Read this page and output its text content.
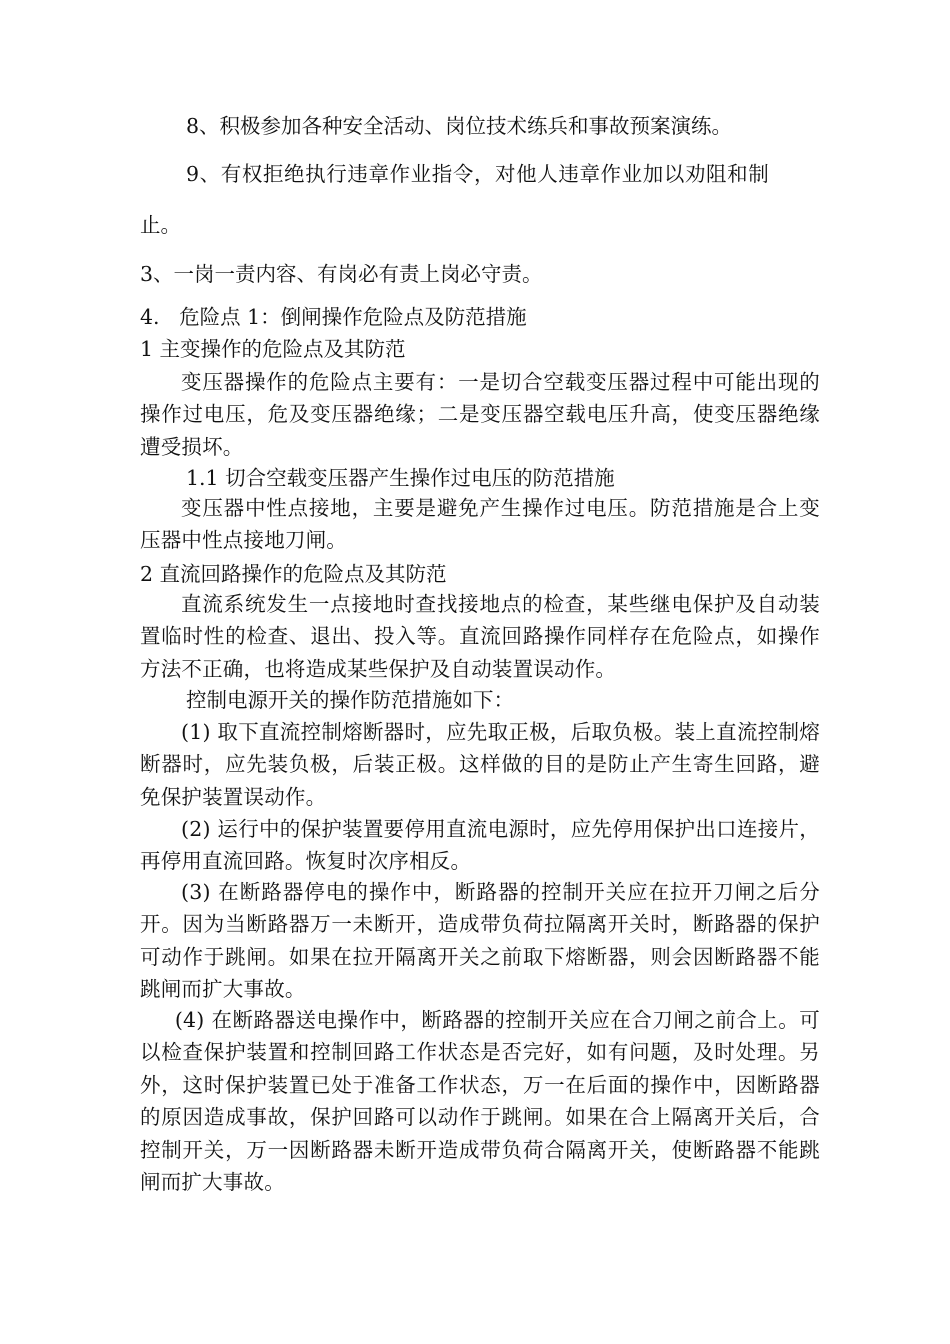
8、积极参加各种安全活动、岗位技术练兵和事故预案演练。
9、有权拒绝执行违章作业指令，对他人违章作业加以劝阻和制
止。
3、一岗一责内容、有岗必有责上岗必守责。
4.   危险点 1：倒闸操作危险点及防范措施
1 主变操作的危险点及其防范
变压器操作的危险点主要有：一是切合空载变压器过程中可能出现的操作过电压，危及变压器绝缘；二是变压器空载电压升高，使变压器绝缘遭受损坏。
1.1 切合空载变压器产生操作过电压的防范措施
变压器中性点接地，主要是避免产生操作过电压。防范措施是合上变压器中性点接地刀闸。
2 直流回路操作的危险点及其防范
直流系统发生一点接地时查找接地点的检查，某些继电保护及自动装置临时性的检查、退出、投入等。直流回路操作同样存在危险点，如操作方法不正确，也将造成某些保护及自动装置误动作。
控制电源开关的操作防范措施如下：
(1) 取下直流控制熔断器时，应先取正极，后取负极。装上直流控制熔断器时，应先装负极，后装正极。这样做的目的是防止产生寄生回路，避免保护装置误动作。
(2) 运行中的保护装置要停用直流电源时，应先停用保护出口连接片，再停用直流回路。恢复时次序相反。
(3) 在断路器停电的操作中，断路器的控制开关应在拉开刀闸之后分开。因为当断路器万一未断开，造成带负荷拉隔离开关时，断路器的保护可动作于跳闸。如果在拉开隔离开关之前取下熔断器，则会因断路器不能跳闸而扩大事故。
(4) 在断路器送电操作中，断路器的控制开关应在合刀闸之前合上。可以检查保护装置和控制回路工作状态是否完好，如有问题，及时处理。另外，这时保护装置已处于准备工作状态，万一在后面的操作中，因断路器的原因造成事故，保护回路可以动作于跳闸。如果在合上隔离开关后，合控制开关，万一因断路器未断开造成带负荷合隔离开关，使断路器不能跳闸而扩大事故。
